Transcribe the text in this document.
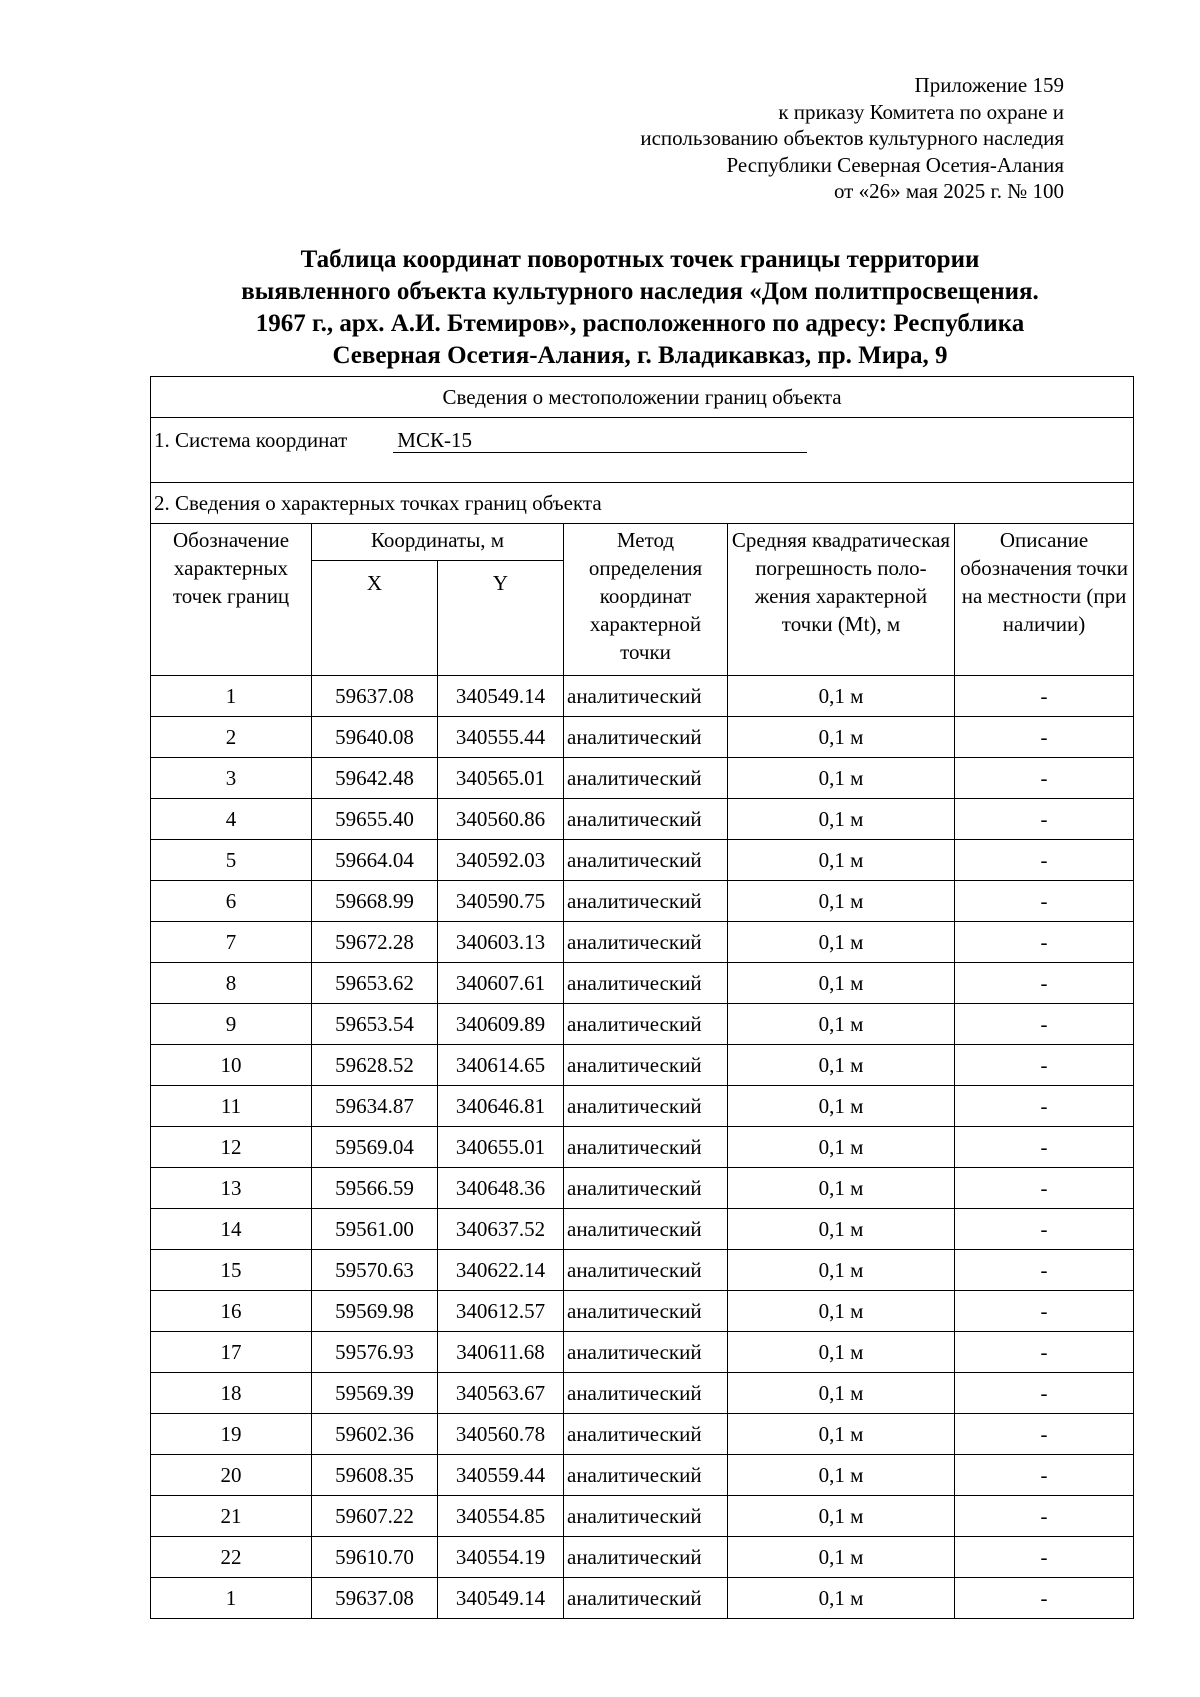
Приложение 159
к приказу Комитета по охране и
использованию объектов культурного наследия
Республики Северная Осетия-Алания
от «26» мая 2025 г. № 100
Таблица координат поворотных точек границы территории
выявленного объекта культурного наследия «Дом политпросвещения.
1967 г., арх. А.И. Бтемиров», расположенного по адресу: Республика
Северная Осетия-Алания, г. Владикавказ, пр. Мира, 9
Сведения о местоположении границ объекта					

1. Система координат МСК-15					

2. Сведения о характерных точках границ объекта					
Обозначение характерных точек границ	Координаты, м		Метод определения координат характерной точки	Средняя квадратическая погрешность поло-жения характерной точки (Mt), м	Описание обозначения точки на местности (при наличии)
	X	Y			
1	59637.08	340549.14	аналитический	0,1 м	-
2	59640.08	340555.44	аналитический	0,1 м	-
3	59642.48	340565.01	аналитический	0,1 м	-
4	59655.40	340560.86	аналитический	0,1 м	-
5	59664.04	340592.03	аналитический	0,1 м	-
6	59668.99	340590.75	аналитический	0,1 м	-
7	59672.28	340603.13	аналитический	0,1 м	-
8	59653.62	340607.61	аналитический	0,1 м	-
9	59653.54	340609.89	аналитический	0,1 м	-
10	59628.52	340614.65	аналитический	0,1 м	-
11	59634.87	340646.81	аналитический	0,1 м	-
12	59569.04	340655.01	аналитический	0,1 м	-
13	59566.59	340648.36	аналитический	0,1 м	-
14	59561.00	340637.52	аналитический	0,1 м	-
15	59570.63	340622.14	аналитический	0,1 м	-
16	59569.98	340612.57	аналитический	0,1 м	-
17	59576.93	340611.68	аналитический	0,1 м	-
18	59569.39	340563.67	аналитический	0,1 м	-
19	59602.36	340560.78	аналитический	0,1 м	-
20	59608.35	340559.44	аналитический	0,1 м	-
21	59607.22	340554.85	аналитический	0,1 м	-
22	59610.70	340554.19	аналитический	0,1 м	-
1	59637.08	340549.14	аналитический	0,1 м	-
